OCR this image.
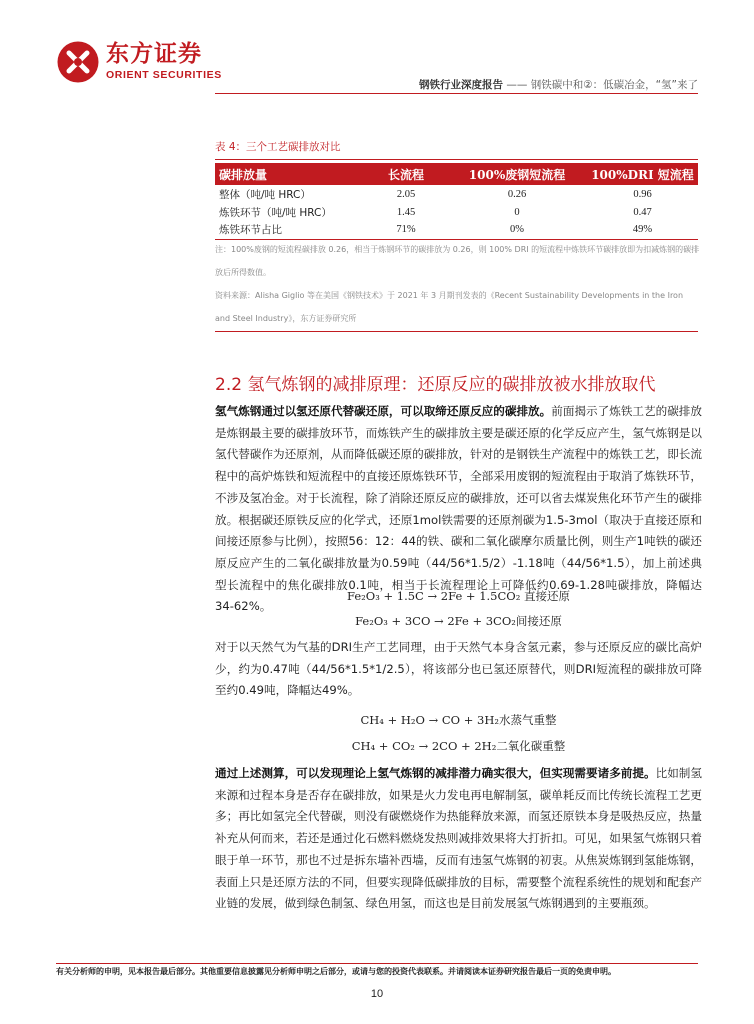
东方证券
ORIENT SECURITIES
钢铁行业深度报告 —— 钢铁碳中和②：低碳冶金，“氢”来了
表 4：三个工艺碳排放对比
碳排放量	长流程	100%废钢短流程	100%DRI 短流程
整体（吨/吨 HRC）	2.05	0.26	0.96
炼铁环节（吨/吨 HRC）	1.45	0	0.47
炼铁环节占比	71%	0%	49%
注：100%废钢的短流程碳排放 0.26，相当于炼钢环节的碳排放为 0.26，则 100% DRI 的短流程中炼铁环节碳排放即为扣减炼钢的碳排放后所得数值。
资料来源：Alisha Giglio 等在美国《钢铁技术》于 2021 年 3 月期刊发表的《Recent Sustainability Developments in the Iron and Steel Industry》，东方证券研究所
2.2 氢气炼钢的减排原理：还原反应的碳排放被水排放取代

氢气炼钢通过以氢还原代替碳还原，可以取缔还原反应的碳排放。前面揭示了炼铁工艺的碳排放是炼钢最主要的碳排放环节，而炼铁产生的碳排放主要是碳还原的化学反应产生，氢气炼钢是以氢代替碳作为还原剂，从而降低碳还原的碳排放，针对的是钢铁生产流程中的炼铁工艺，即长流程中的高炉炼铁和短流程中的直接还原炼铁环节，全部采用废钢的短流程由于取消了炼铁环节，不涉及氢冶金。对于长流程，除了消除还原反应的碳排放，还可以省去煤炭焦化环节产生的碳排放。根据碳还原铁反应的化学式，还原1mol铁需要的还原剂碳为1.5-3mol（取决于直接还原和间接还原参与比例），按照56：12：44的铁、碳和二氧化碳摩尔质量比例，则生产1吨铁的碳还原反应产生的二氧化碳排放量为0.59吨（44/56*1.5/2）-1.18吨（44/56*1.5），加上前述典型长流程中的焦化碳排放0.1吨，相当于长流程理论上可降低约0.69-1.28吨碳排放，降幅达34-62%。

Fe₂O₃ + 1.5C → 2Fe + 1.5CO₂ 直接还原
Fe₂O₃ + 3CO → 2Fe + 3CO₂间接还原

对于以天然气为气基的DRI生产工艺同理，由于天然气本身含氢元素，参与还原反应的碳比高炉少，约为0.47吨（44/56*1.5*1/2.5），将该部分也已氢还原替代，则DRI短流程的碳排放可降至约0.49吨，降幅达49%。

CH₄ + H₂O → CO + 3H₂水蒸气重整
CH₄ + CO₂ → 2CO + 2H₂二氧化碳重整

通过上述测算，可以发现理论上氢气炼钢的减排潜力确实很大，但实现需要诸多前提。比如制氢来源和过程本身是否存在碳排放，如果是火力发电再电解制氢，碳单耗反而比传统长流程工艺更多；再比如氢完全代替碳，则没有碳燃烧作为热能释放来源，而氢还原铁本身是吸热反应，热量补充从何而来，若还是通过化石燃料燃烧发热则减排效果将大打折扣。可见，如果氢气炼钢只着眼于单一环节，那也不过是拆东墙补西墙，反而有违氢气炼钢的初衷。从焦炭炼钢到氢能炼钢，表面上只是还原方法的不同，但要实现降低碳排放的目标，需要整个流程系统性的规划和配套产业链的发展，做到绿色制氢、绿色用氢，而这也是目前发展氢气炼钢遇到的主要瓶颈。

有关分析师的申明，见本报告最后部分。其他重要信息披露见分析师申明之后部分，或请与您的投资代表联系。并请阅读本证券研究报告最后一页的免责申明。
10
